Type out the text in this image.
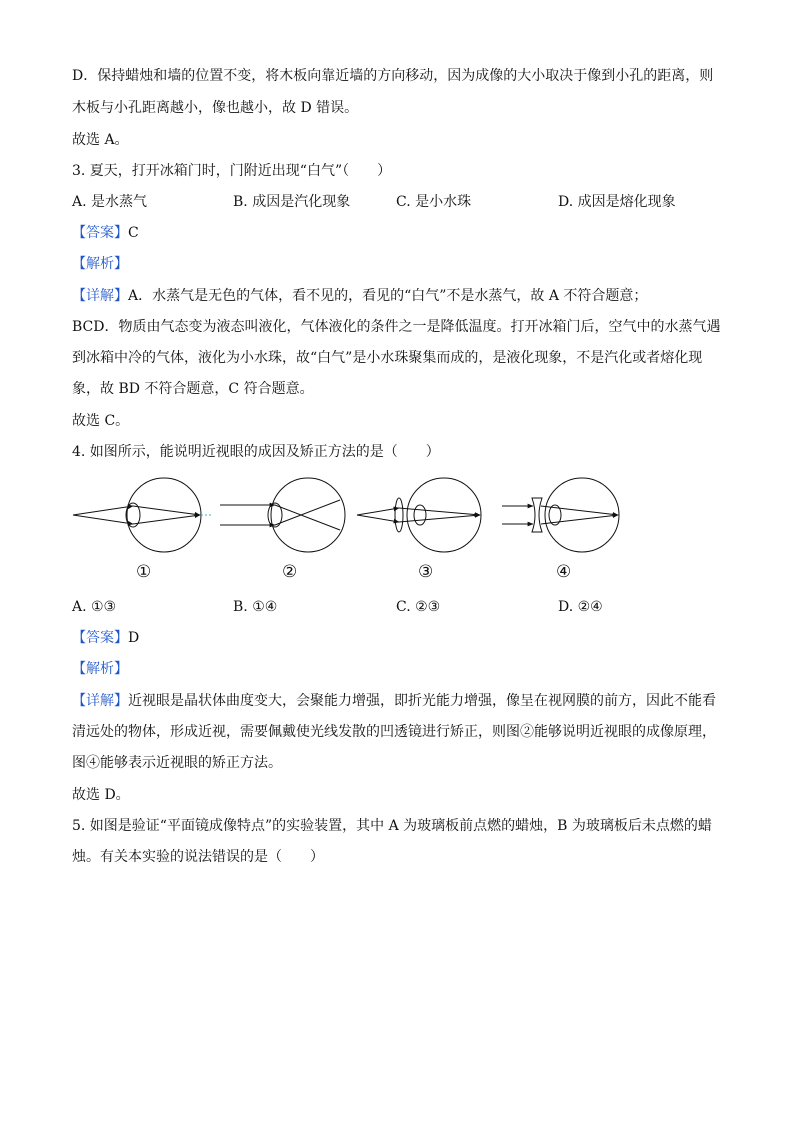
D．保持蜡烛和墙的位置不变，将木板向靠近墙的方向移动，因为成像的大小取决于像到小孔的距离，则
木板与小孔距离越小，像也越小，故 D 错误。
故选 A。
3. 夏天，打开冰箱门时，门附近出现“白气”（　　）
A. 是水蒸气	B. 成因是汽化现象	C. 是小水珠	D. 成因是熔化现象
【答案】C
【解析】
【详解】A．水蒸气是无色的气体，看不见的，看见的“白气”不是水蒸气，故 A 不符合题意；
BCD．物质由气态变为液态叫液化，气体液化的条件之一是降低温度。打开冰箱门后，空气中的水蒸气遇
到冰箱中冷的气体，液化为小水珠，故“白气”是小水珠聚集而成的，是液化现象，不是汽化或者熔化现
象，故 BD 不符合题意，C 符合题意。
故选 C。
4. 如图所示，能说明近视眼的成因及矫正方法的是（　　）
①	②	③	④
A. ①③	B. ①④	C. ②③	D. ②④
【答案】D
【解析】
【详解】近视眼是晶状体曲度变大，会聚能力增强，即折光能力增强，像呈在视网膜的前方，因此不能看
清远处的物体，形成近视，需要佩戴使光线发散的凹透镜进行矫正，则图②能够说明近视眼的成像原理，
图④能够表示近视眼的矫正方法。
故选 D。
5. 如图是验证“平面镜成像特点”的实验装置，其中 A 为玻璃板前点燃的蜡烛，B 为玻璃板后未点燃的蜡
烛。有关本实验的说法错误的是（　　）
